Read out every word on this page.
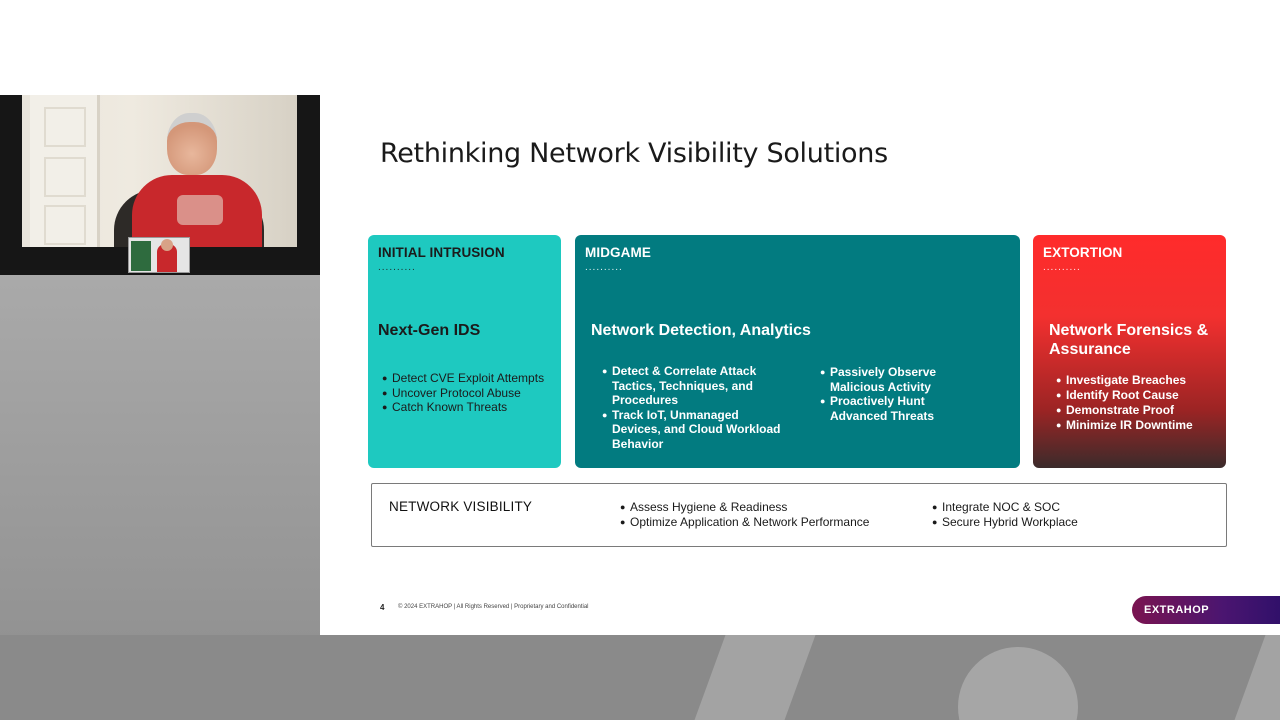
Rethinking Network Visibility Solutions
INITIAL INTRUSION
..........
Next-Gen IDS
● Detect CVE Exploit Attempts
● Uncover Protocol Abuse
● Catch Known Threats
MIDGAME
..........
Network Detection, Analytics
● Detect & Correlate Attack Tactics, Techniques, and Procedures
● Track IoT, Unmanaged Devices, and Cloud Workload Behavior
● Passively Observe Malicious Activity
● Proactively Hunt Advanced Threats
EXTORTION
..........
Network Forensics & Assurance
● Investigate Breaches
● Identify Root Cause
● Demonstrate Proof
● Minimize IR Downtime
NETWORK VISIBILITY
●	Assess Hygiene & Readiness
● Optimize Application & Network Performance
● Integrate NOC & SOC
● Secure Hybrid Workplace
4 © 2024 EXTRAHOP | All Rights Reserved | Proprietary and Confidential	EXTRAHOP
